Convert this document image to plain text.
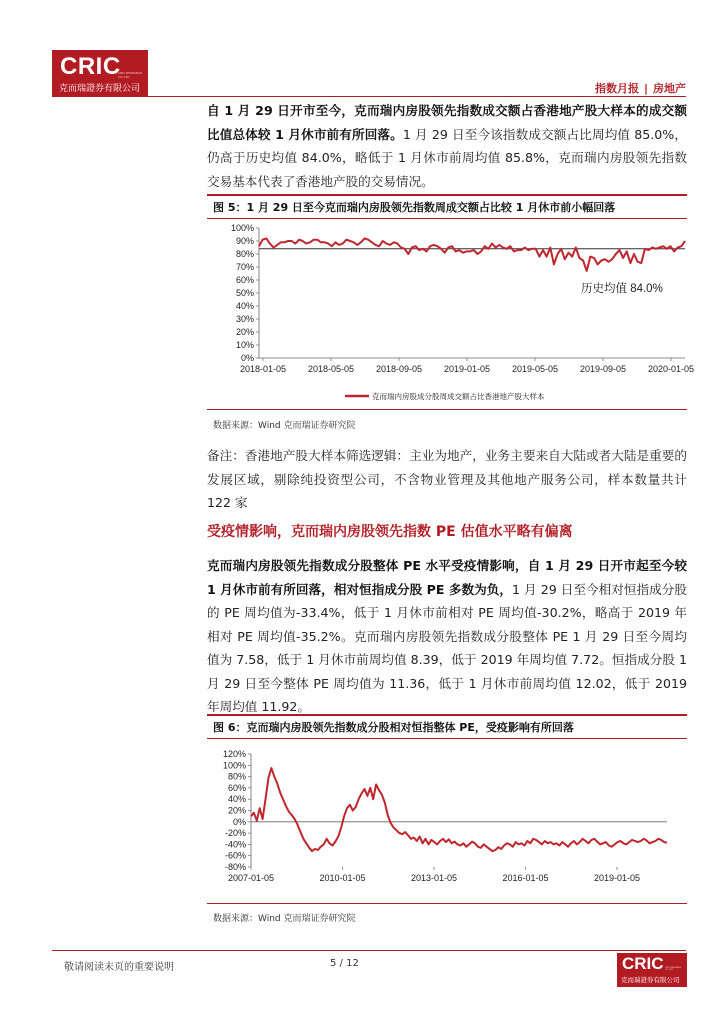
CRIC
CRIC RESEARCH CO.,LTD
克而瑞證券有限公司	指数月报 | 房地产

自 1 月 29 日开市至今，克而瑞内房股领先指数成交额占香港地产股大样本的成交额比值总体较 1 月休市前有所回落。1 月 29 日至今该指数成交额占比周均值 85.0%，仍高于历史均值 84.0%，略低于 1 月休市前周均值 85.8%，克而瑞内房股领先指数交易基本代表了香港地产股的交易情况。

图 5：1 月 29 日至今克而瑞内房股领先指数周成交额占比较 1 月休市前小幅回落
0%
10%
20%
30%
40%
50%
60%
70%
80%
90%
100%
2018-01-05 2018-05-05 2018-09-05 2019-01-05 2019-05-05 2019-09-05 2020-01-05
历史均值 84.0%
克而瑞内房股成分股周成交额占比香港地产股大样本
数据来源：Wind 克而瑞证券研究院

备注：香港地产股大样本筛选逻辑：主业为地产，业务主要来自大陆或者大陆是重要的发展区域，剔除纯投资型公司，不含物业管理及其他地产服务公司，样本数量共计 122 家

受疫情影响，克而瑞内房股领先指数 PE 估值水平略有偏离

克而瑞内房股领先指数成分股整体 PE 水平受疫情影响，自 1 月 29 日开市起至今较 1 月休市前有所回落，相对恒指成分股 PE 多数为负，1 月 29 日至今相对恒指成分股的 PE 周均值为-33.4%，低于 1 月休市前相对 PE 周均值-30.2%，略高于 2019 年相对 PE 周均值-35.2%。克而瑞内房股领先指数成分股整体 PE 1 月 29 日至今周均值为 7.58，低于 1 月休市前周均值 8.39，低于 2019 年周均值 7.72。恒指成分股 1 月 29 日至今整体 PE 周均值为 11.36，低于 1 月休市前周均值 12.02，低于 2019 年周均值 11.92。

图 6：克而瑞内房股领先指数成分股相对恒指整体 PE，受疫影响有所回落
-80%
-60%
-40%
-20%
0%
20%
40%
60%
80%
100%
120%
2007-01-05	2010-01-05	2013-01-05	2016-01-05	2019-01-05
数据来源：Wind 克而瑞证券研究院
敬请阅读末页的重要说明	5 / 12	CRIC CRIC RESEARCH CO.,LTD
克而瑞證券有限公司
